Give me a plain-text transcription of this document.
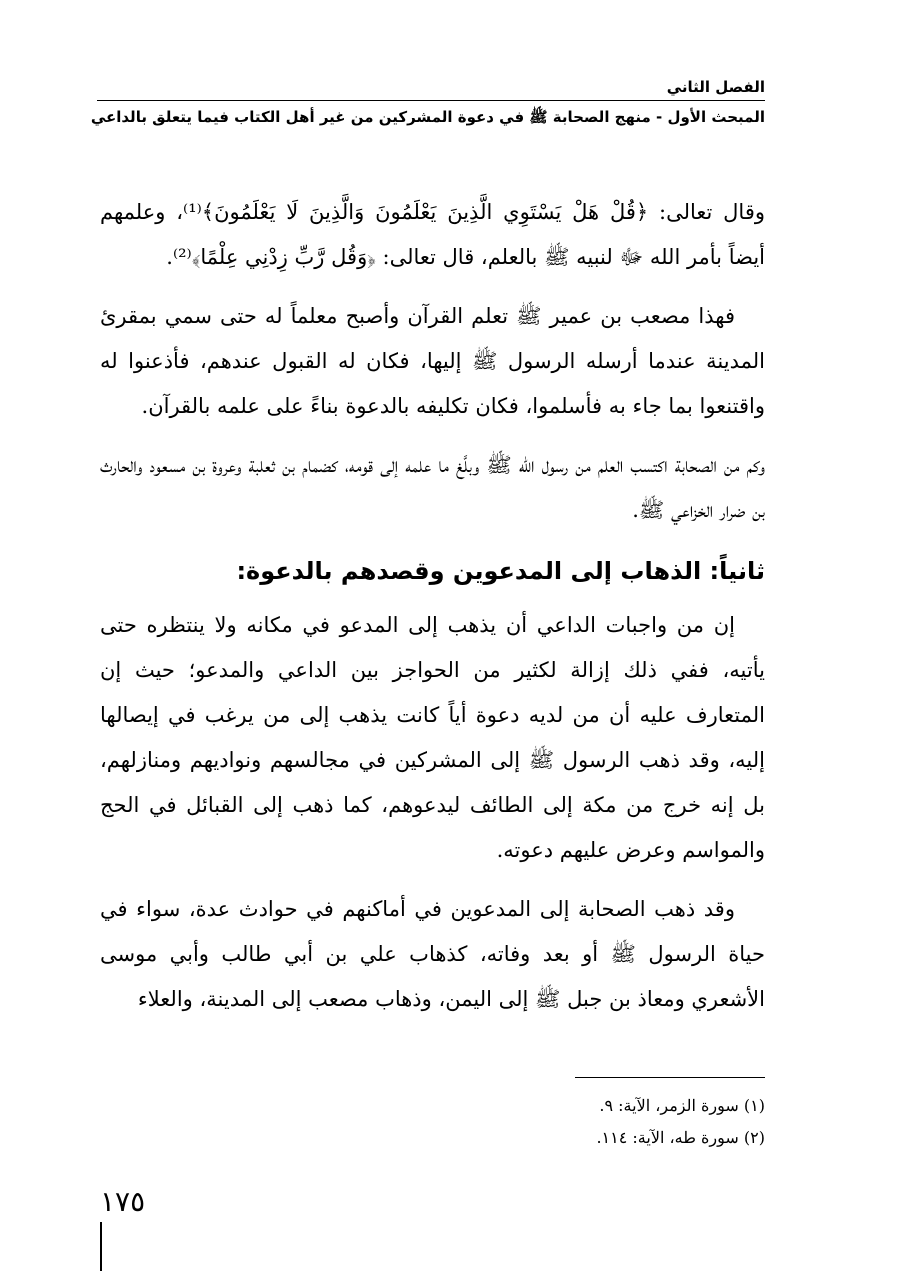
الفصل الثاني
المبحث الأول - منهج الصحابة ﷺ في دعوة المشركين من غير أهل الكتاب فيما يتعلق بالداعي

وقال تعالى: ﴿قُلْ هَلْ يَسْتَوِي الَّذِينَ يَعْلَمُونَ وَالَّذِينَ لَا يَعْلَمُونَ﴾⁽¹⁾، وعلمهم أيضاً بأمر الله ﷻ لنبيه ﷺ بالعلم، قال تعالى: ﴿وَقُل رَّبِّ زِدْنِي عِلْمًا﴾⁽²⁾.

فهذا مصعب بن عمير ﷺ تعلم القرآن وأصبح معلماً له حتى سمي بمقرئ المدينة عندما أرسله الرسول ﷺ إليها، فكان له القبول عندهم، فأذعنوا له واقتنعوا بما جاء به فأسلموا، فكان تكليفه بالدعوة بناءً على علمه بالقرآن.

وكم من الصحابة اكتسب العلم من رسول الله ﷺ وبلَّغ ما علمه إلى قومه، كضمام بن ثعلبة وعروة بن مسعود والحارث بن ضرار الخزاعي ﷺ.

ثانياً: الذهاب إلى المدعوين وقصدهم بالدعوة:

إن من واجبات الداعي أن يذهب إلى المدعو في مكانه ولا ينتظره حتى يأتيه، ففي ذلك إزالة لكثير من الحواجز بين الداعي والمدعو؛ حيث إن المتعارف عليه أن من لديه دعوة أياً كانت يذهب إلى من يرغب في إيصالها إليه، وقد ذهب الرسول ﷺ إلى المشركين في مجالسهم ونواديهم ومنازلهم، بل إنه خرج من مكة إلى الطائف ليدعوهم، كما ذهب إلى القبائل في الحج والمواسم وعرض عليهم دعوته.

وقد ذهب الصحابة إلى المدعوين في أماكنهم في حوادث عدة، سواء في حياة الرسول ﷺ أو بعد وفاته، كذهاب علي بن أبي طالب وأبي موسى الأشعري ومعاذ بن جبل ﷺ إلى اليمن، وذهاب مصعب إلى المدينة، والعلاء

(١) سورة الزمر، الآية: ٩.
(٢) سورة طه، الآية: ١١٤.
١٧٥
